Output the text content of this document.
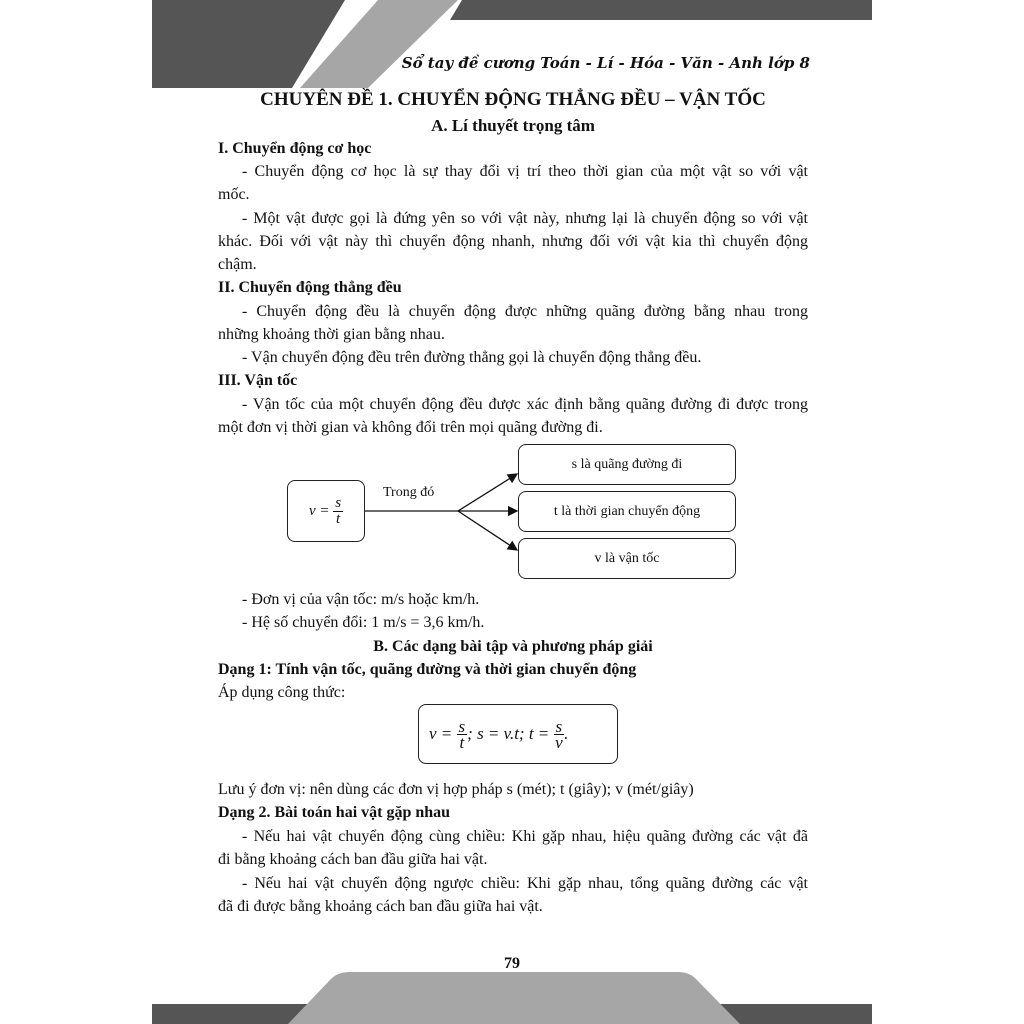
Sổ tay đề cương Toán - Lí - Hóa - Văn - Anh lớp 8
CHUYÊN ĐỀ 1. CHUYỂN ĐỘNG THẲNG ĐỀU – VẬN TỐC
A. Lí thuyết trọng tâm
I. Chuyển động cơ học
- Chuyển động cơ học là sự thay đổi vị trí theo thời gian của một vật so với vật
mốc.
- Một vật được gọi là đứng yên so với vật này, nhưng lại là chuyển động so với vật
khác. Đối với vật này thì chuyển động nhanh, nhưng đối với vật kia thì chuyển động
chậm.
II. Chuyển động thẳng đều
- Chuyển động đều là chuyển động được những quãng đường bằng nhau trong
những khoảng thời gian bằng nhau.
- Vận chuyển động đều trên đường thẳng gọi là chuyển động thẳng đều.
III. Vận tốc
- Vận tốc của một chuyển động đều được xác định bằng quãng đường đi được trong
một đơn vị thời gian và không đổi trên mọi quãng đường đi.
v =
$\frac{s}{t}$
Trong đó
s là quãng đường đi
t là thời gian chuyển động
v là vận tốc
- Đơn vị của vận tốc: m/s hoặc km/h.
- Hệ số chuyển đổi: 1 m/s = 3,6 km/h.
B. Các dạng bài tập và phương pháp giải
Dạng 1: Tính vận tốc, quãng đường và thời gian chuyển động
Áp dụng công thức:
v =
$\frac{s}{t}$ ; s = v.t; t =
$\frac{s}{v}$ .
Lưu ý đơn vị: nên dùng các đơn vị hợp pháp s (mét); t (giây); v (mét/giây)
Dạng 2. Bài toán hai vật gặp nhau
- Nếu hai vật chuyển động cùng chiều: Khi gặp nhau, hiệu quãng đường các vật đã
đi bằng khoảng cách ban đầu giữa hai vật.
- Nếu hai vật chuyển động ngược chiều: Khi gặp nhau, tổng quãng đường các vật
đã đi được bằng khoảng cách ban đầu giữa hai vật.
79
